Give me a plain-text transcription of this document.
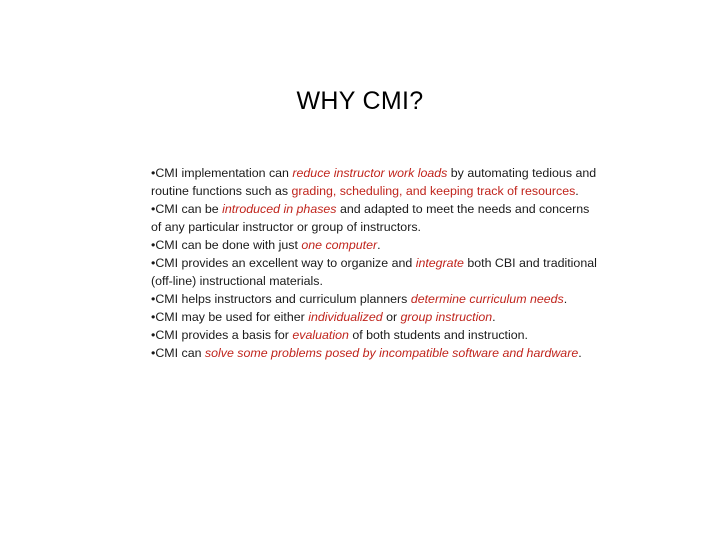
WHY CMI?

•CMI implementation can reduce instructor work loads by automating tedious and routine functions such as grading, scheduling, and keeping track of resources.

•CMI can be introduced in phases and adapted to meet the needs and concerns of any particular instructor or group of instructors.

•CMI can be done with just one computer.

•CMI provides an excellent way to organize and integrate both CBI and traditional (off-line) instructional materials.

•CMI helps instructors and curriculum planners determine curriculum needs.

•CMI may be used for either individualized or group instruction.

•CMI provides a basis for evaluation of both students and instruction.

•CMI can solve some problems posed by incompatible software and hardware.
